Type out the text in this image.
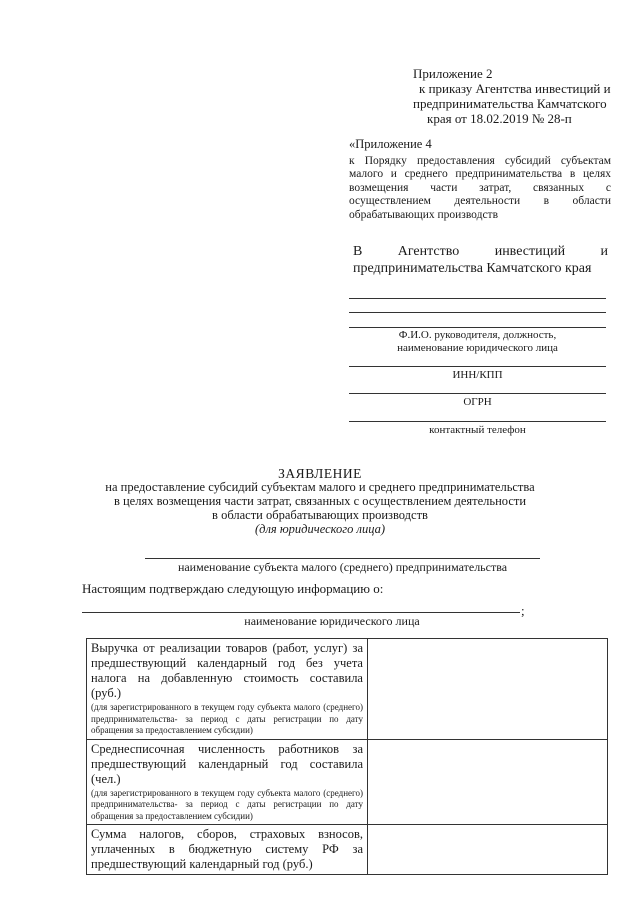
Приложение 2
к приказу Агентства инвестиций и
предпринимательства Камчатского
края от 18.02.2019 № 28-п
«Приложение 4
к Порядку предоставления субсидий субъектам малого и среднего предпринимательства в целях возмещения части затрат, связанных с осуществлением деятельности в области обрабатывающих производств
В Агентство инвестиций и предпринимательства Камчатского края
Ф.И.О. руководителя, должность,
наименование юридического лица
ИНН/КПП
ОГРН
контактный телефон
ЗАЯВЛЕНИЕ
на предоставление субсидий субъектам малого и среднего предпринимательства
в целях возмещения части затрат, связанных с осуществлением деятельности
в области обрабатывающих производств
(для юридического лица)
наименование субъекта малого (среднего) предпринимательства
Настоящим подтверждаю следующую информацию о:
;
наименование юридического лица
Выручка от реализации товаров (работ, услуг) за предшествующий календарный год без учета налога на добавленную стоимость составила (руб.)
(для зарегистрированного в текущем году субъекта малого (среднего) предпринимательства- за период с даты регистрации по дату обращения за предоставлением субсидии)	

Среднесписочная численность работников за предшествующий календарный год составила (чел.)
(для зарегистрированного в текущем году субъекта малого (среднего) предпринимательства- за период с даты регистрации по дату обращения за предоставлением субсидии)	

Сумма налогов, сборов, страховых взносов, уплаченных в бюджетную систему РФ за предшествующий календарный год (руб.)	
